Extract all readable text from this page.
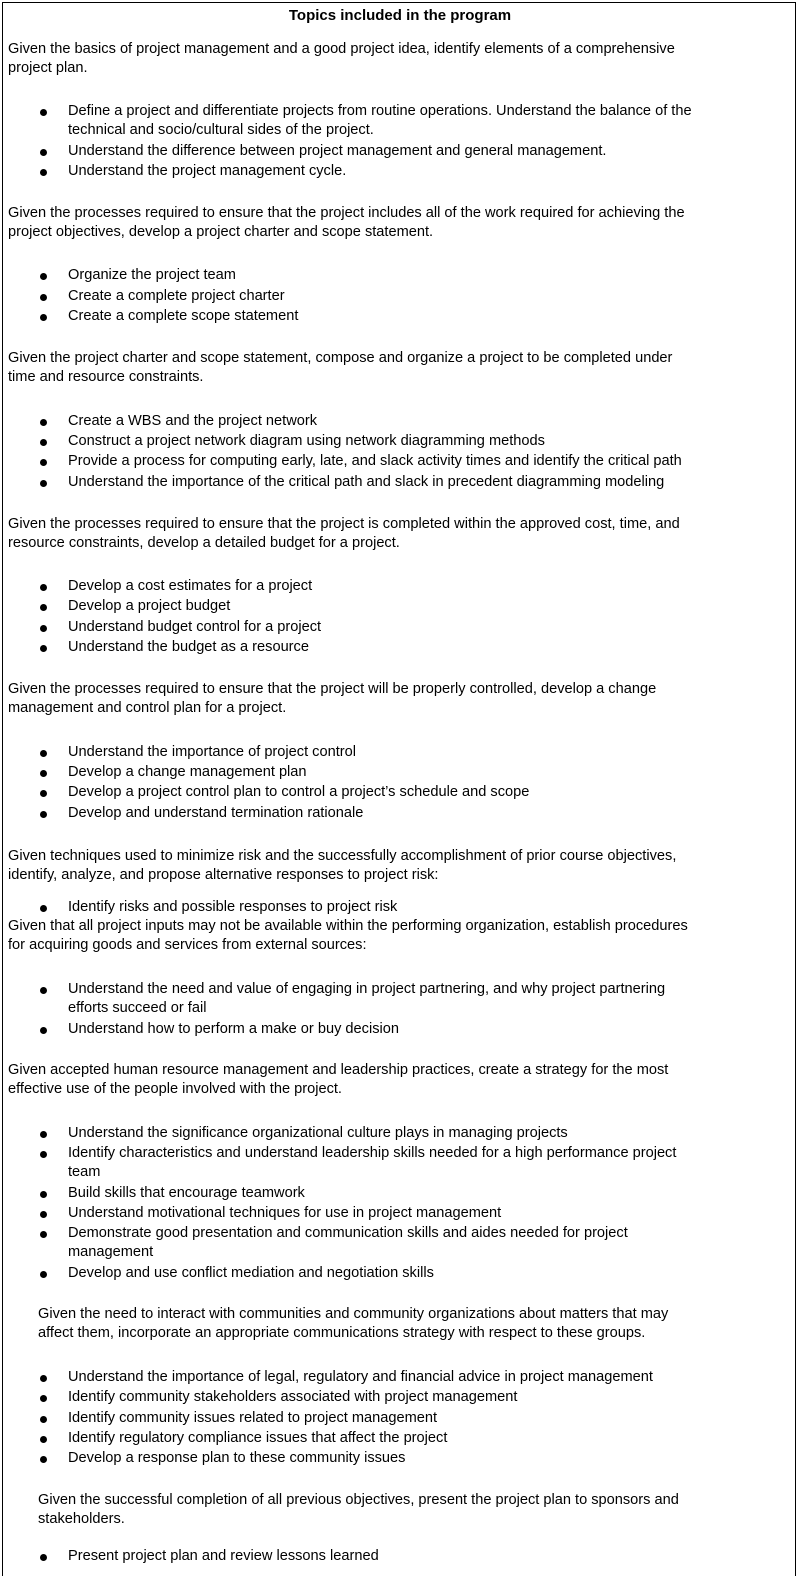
Topics included in the program
Given the basics of project management and a good project idea, identify elements of a comprehensive
project plan.
Define a project and differentiate projects from routine operations. Understand the balance of the
technical and socio/cultural sides of the project.
Understand the difference between project management and general management.
Understand the project management cycle.
Given the processes required to ensure that the project includes all of the work required for achieving the
project objectives, develop a project charter and scope statement.
Organize the project team
Create a complete project charter
Create a complete scope statement
Given the project charter and scope statement, compose and organize a project to be completed under
time and resource constraints.
Create a WBS and the project network
Construct a project network diagram using network diagramming methods
Provide a process for computing early, late, and slack activity times and identify the critical path
Understand the importance of the critical path and slack in precedent diagramming modeling
Given the processes required to ensure that the project is completed within the approved cost, time, and
resource constraints, develop a detailed budget for a project.
Develop a cost estimates for a project
Develop a project budget
Understand budget control for a project
Understand the budget as a resource
Given the processes required to ensure that the project will be properly controlled, develop a change
management and control plan for a project.
Understand the importance of project control
Develop a change management plan
Develop a project control plan to control a project’s schedule and scope
Develop and understand termination rationale
Given techniques used to minimize risk and the successfully accomplishment of prior course objectives,
identify, analyze, and propose alternative responses to project risk:
Identify risks and possible responses to project risk
Given that all project inputs may not be available within the performing organization, establish procedures
for acquiring goods and services from external sources:
Understand the need and value of engaging in project partnering, and why project partnering
efforts succeed or fail
Understand how to perform a make or buy decision
Given accepted human resource management and leadership practices, create a strategy for the most
effective use of the people involved with the project.
Understand the significance organizational culture plays in managing projects
Identify characteristics and understand leadership skills needed for a high performance project
team
Build skills that encourage teamwork
Understand motivational techniques for use in project management
Demonstrate good presentation and communication skills and aides needed for project
management
Develop and use conflict mediation and negotiation skills
Given the need to interact with communities and community organizations about matters that may
affect them, incorporate an appropriate communications strategy with respect to these groups.
Understand the importance of legal, regulatory and financial advice in project management
Identify community stakeholders associated with project management
Identify community issues related to project management
Identify regulatory compliance issues that affect the project
Develop a response plan to these community issues
Given the successful completion of all previous objectives, present the project plan to sponsors and
stakeholders.
Present project plan and review lessons learned
